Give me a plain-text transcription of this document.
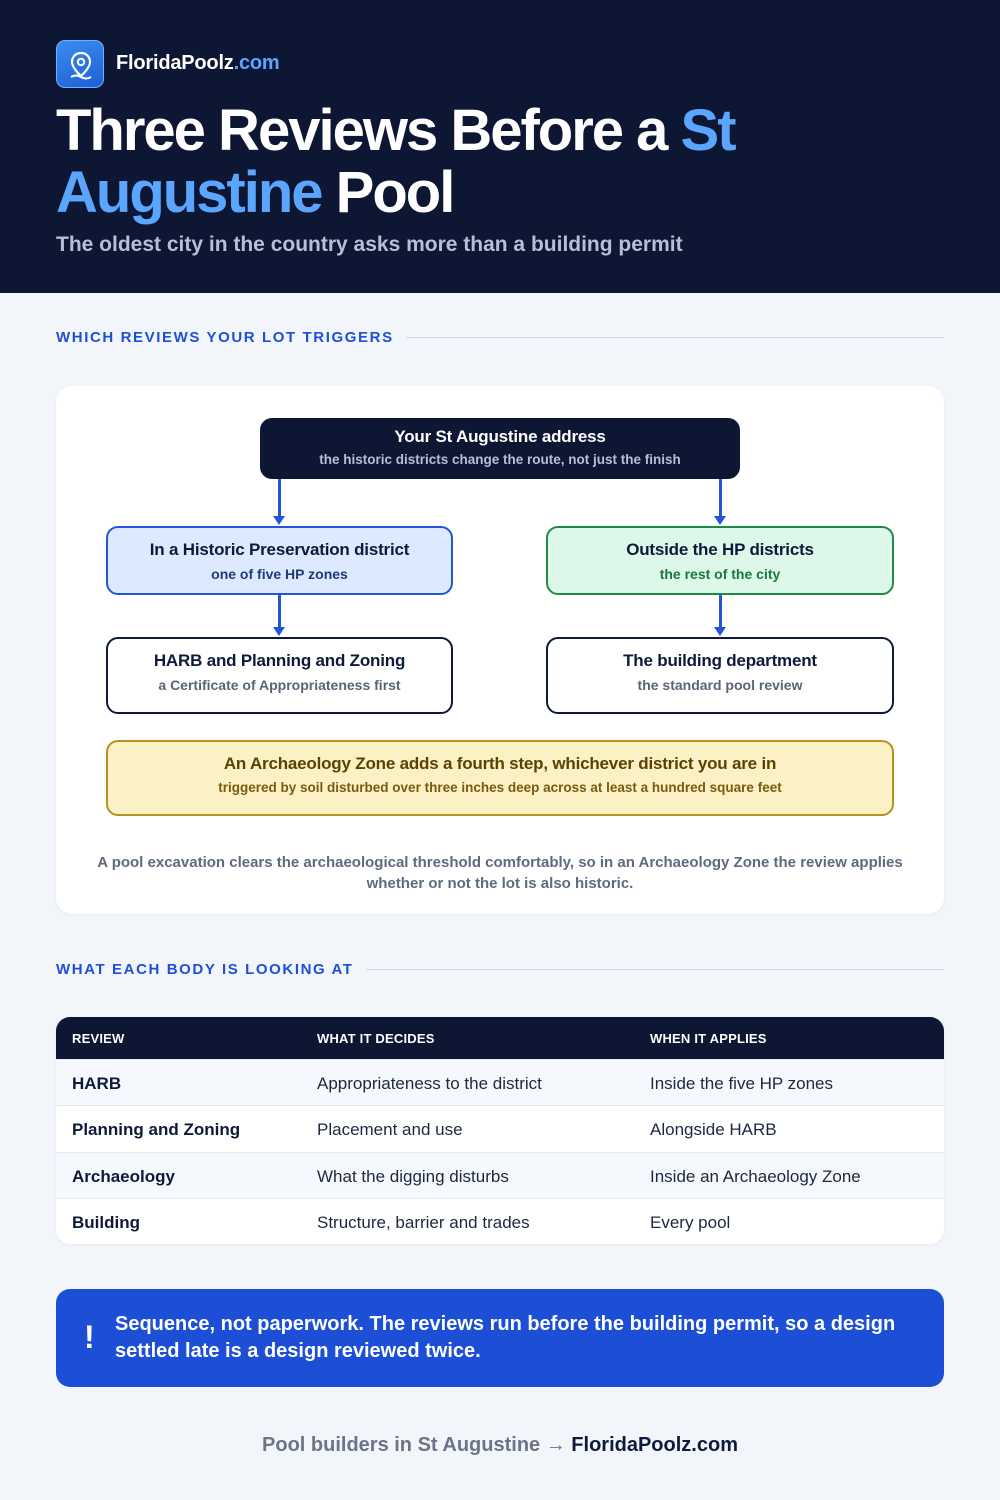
FloridaPoolz.com
Three Reviews Before a St Augustine Pool
The oldest city in the country asks more than a building permit
WHICH REVIEWS YOUR LOT TRIGGERS
Your St Augustine address
the historic districts change the route, not just the finish
In a Historic Preservation district
one of five HP zones
Outside the HP districts
the rest of the city
HARB and Planning and Zoning
a Certificate of Appropriateness first
The building department
the standard pool review
An Archaeology Zone adds a fourth step, whichever district you are in
triggered by soil disturbed over three inches deep across at least a hundred square feet
A pool excavation clears the archaeological threshold comfortably, so in an Archaeology Zone the review applies whether or not the lot is also historic.
WHAT EACH BODY IS LOOKING AT
REVIEW	WHAT IT DECIDES	WHEN IT APPLIES
HARB	Appropriateness to the district	Inside the five HP zones
Planning and Zoning	Placement and use	Alongside HARB
Archaeology	What the digging disturbs	Inside an Archaeology Zone
Building	Structure, barrier and trades	Every pool
! Sequence, not paperwork. The reviews run before the building permit, so a design settled late is a design reviewed twice.
Pool builders in St Augustine → FloridaPoolz.com
